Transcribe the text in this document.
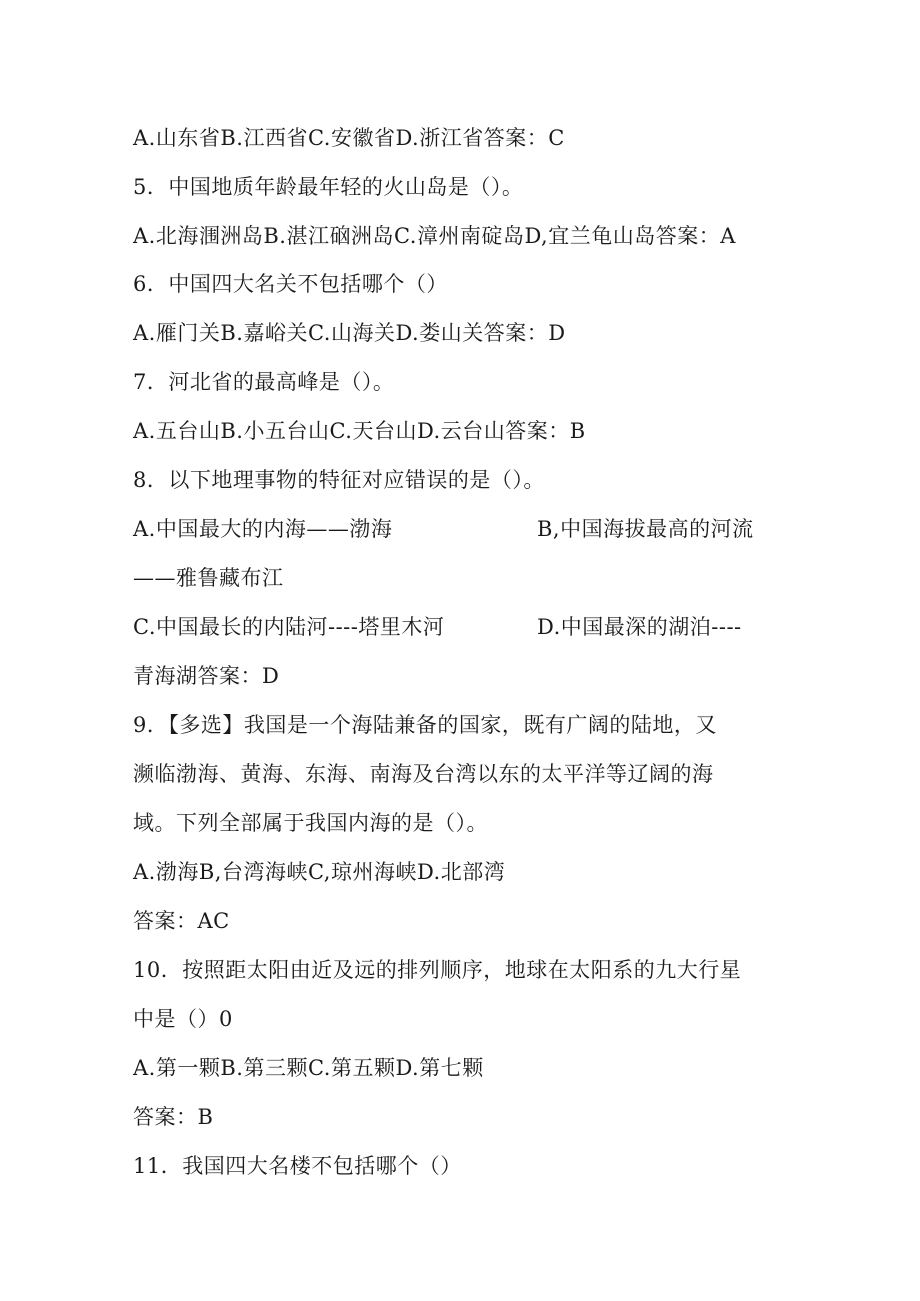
A.山东省B.江西省C.安徽省D.浙江省答案：C
5．中国地质年龄最年轻的火山岛是（）。
A.北海涠洲岛B.湛江硇洲岛C.漳州南碇岛D,宜兰龟山岛答案：A
6．中国四大名关不包括哪个（）
A.雁门关B.嘉峪关C.山海关D.娄山关答案：D
7．河北省的最高峰是（）。
A.五台山B.小五台山C.天台山D.云台山答案：B
8．以下地理事物的特征对应错误的是（）。
A.中国最大的内海——渤海	B,中国海拔最高的河流
——雅鲁藏布江
C.中国最长的内陆河----塔里木河	D.中国最深的湖泊----
青海湖答案：D
9．【多选】我国是一个海陆兼备的国家，既有广阔的陆地，又
濒临渤海、黄海、东海、南海及台湾以东的太平洋等辽阔的海
域。下列全部属于我国内海的是（）。
A.渤海B,台湾海峡C,琼州海峡D.北部湾
答案：AC
10．按照距太阳由近及远的排列顺序，地球在太阳系的九大行星
中是（）0
A.第一颗B.第三颗C.第五颗D.第七颗
答案：B
11．我国四大名楼不包括哪个（）
